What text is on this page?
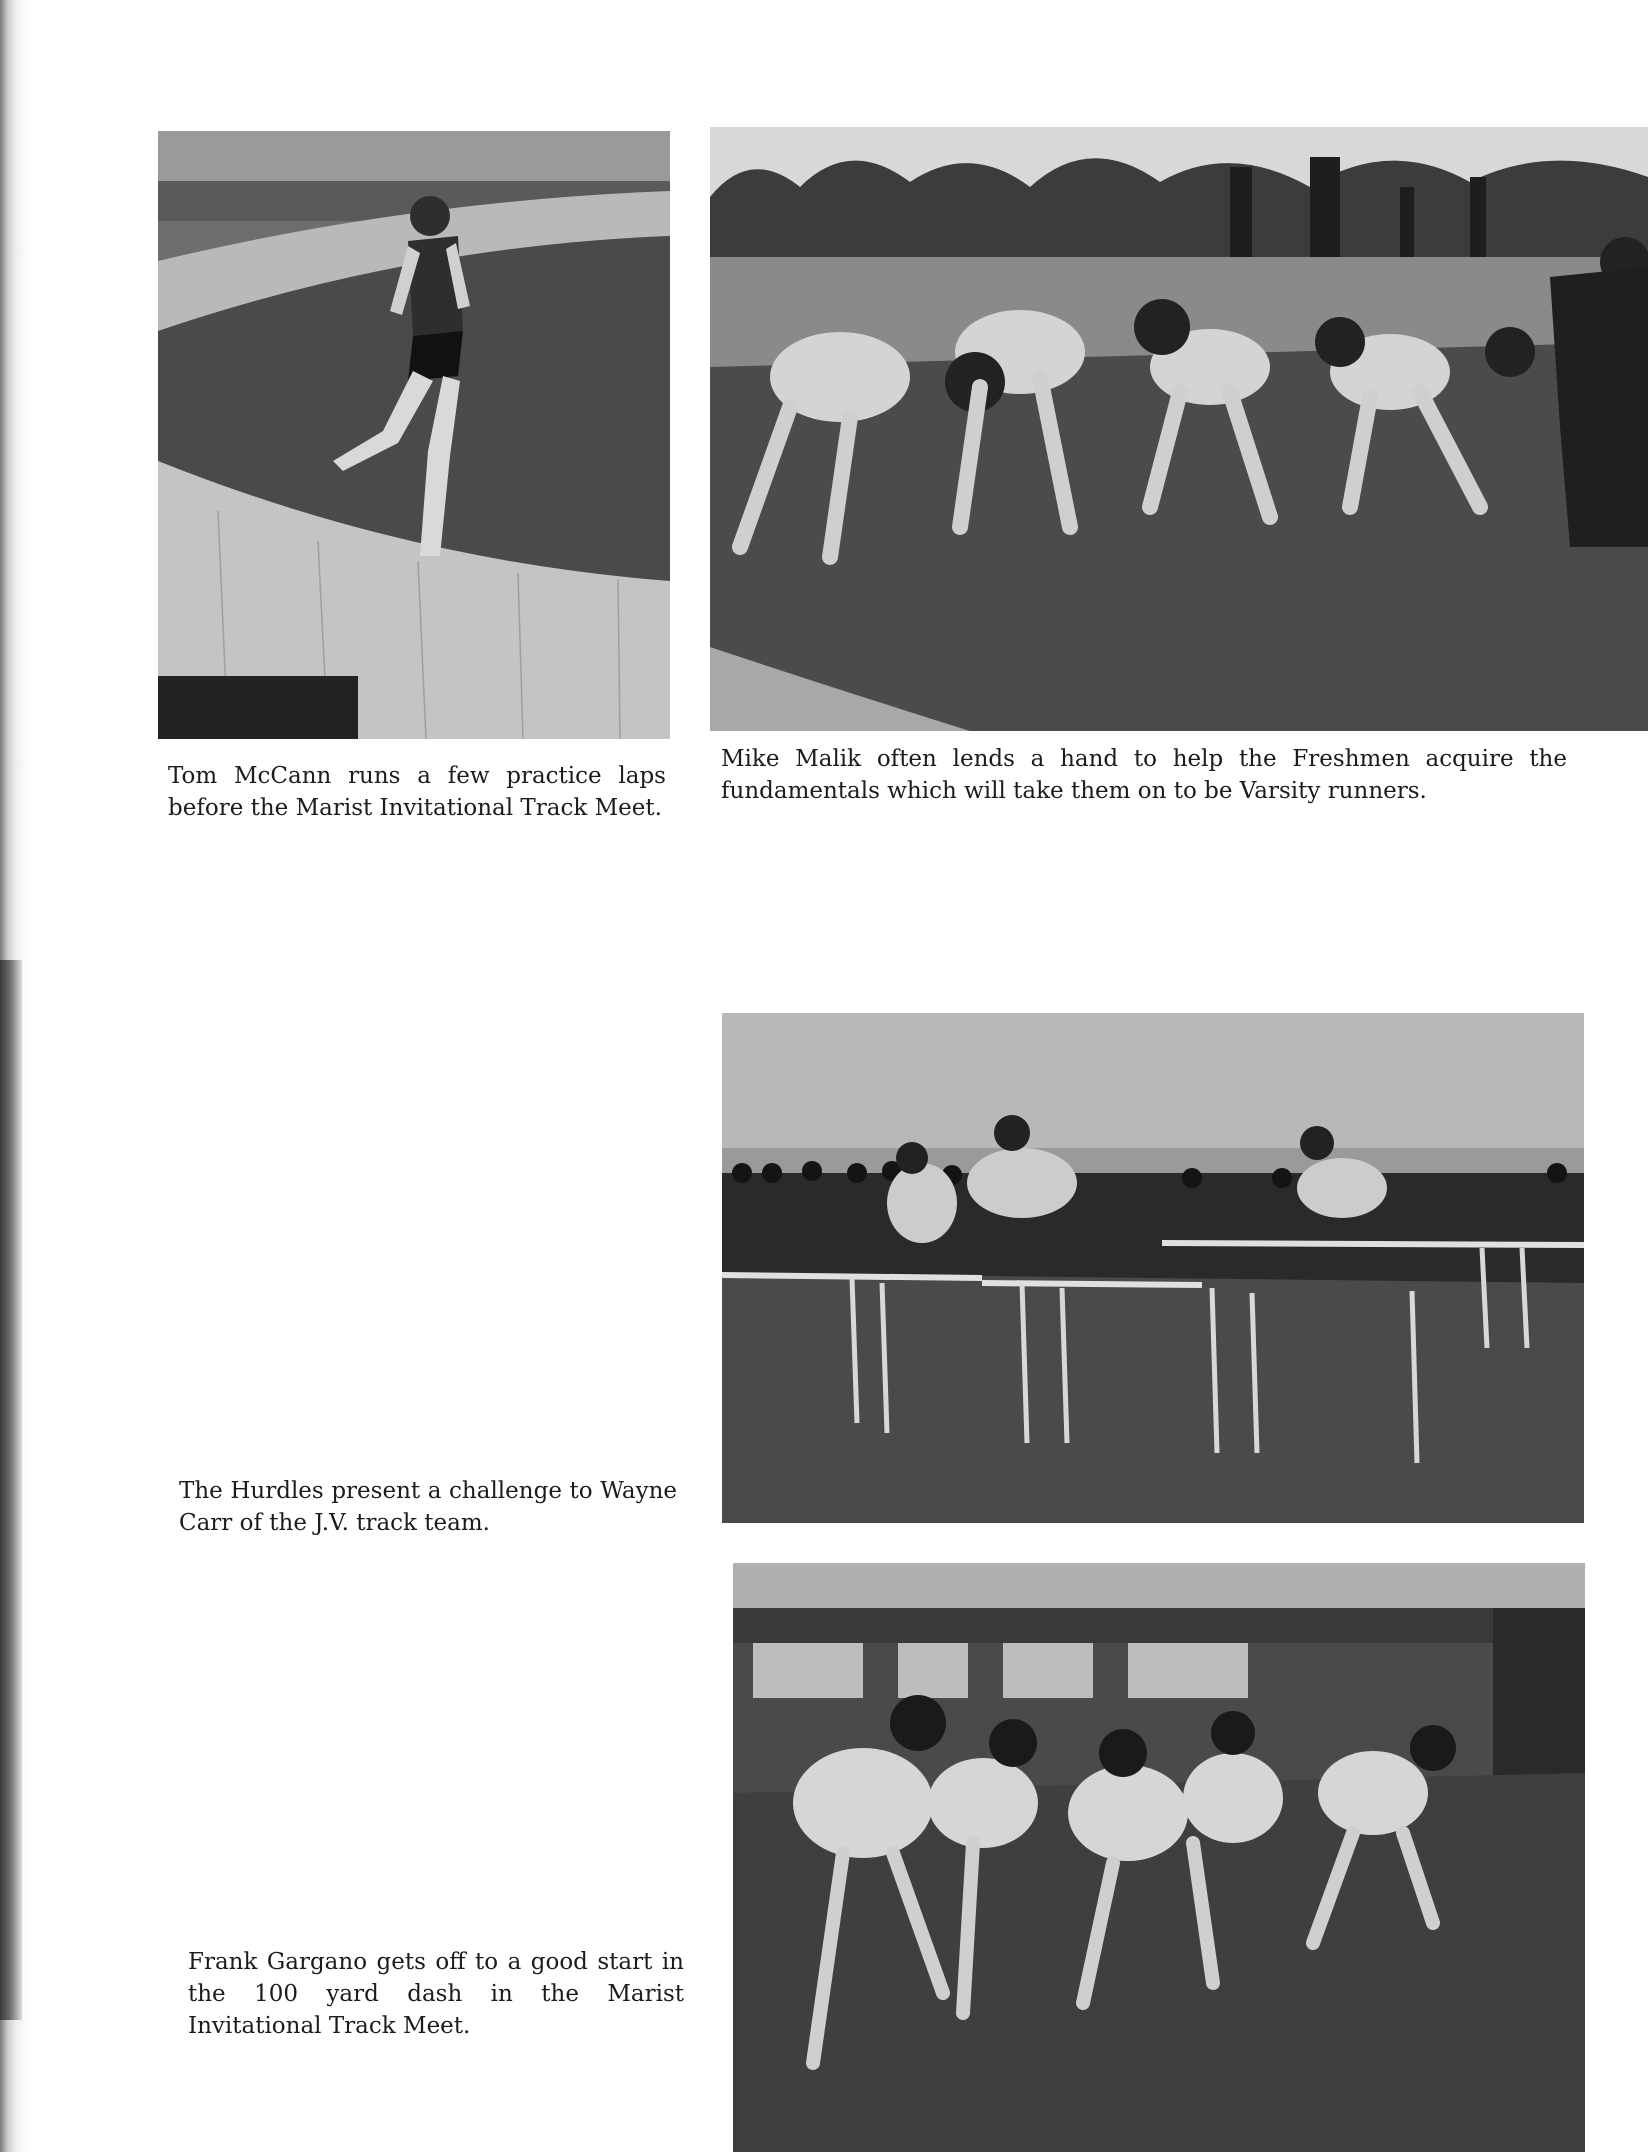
Tom McCann runs a few practice laps before the Marist Invitational Track Meet.
Mike Malik often lends a hand to help the Freshmen acquire the fundamentals which will take them on to be Varsity runners.
The Hurdles present a challenge to Wayne Carr of the J.V. track team.
Frank Gargano gets off to a good start in the 100 yard dash in the Marist Invitational Track Meet.
